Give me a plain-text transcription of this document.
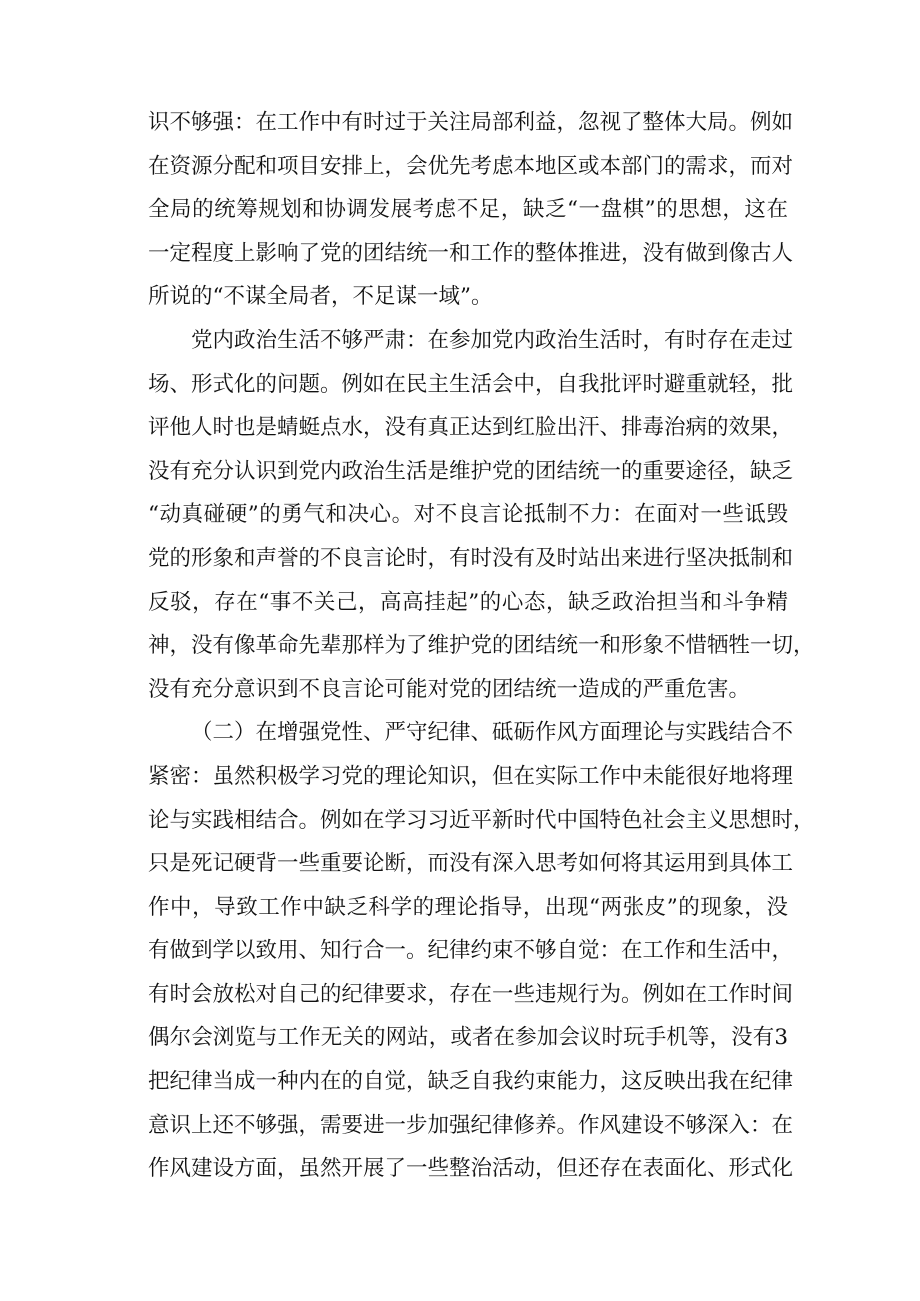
识不够强：在工作中有时过于关注局部利益，忽视了整体大局。例如
在资源分配和项目安排上，会优先考虑本地区或本部门的需求，而对
全局的统筹规划和协调发展考虑不足，缺乏“一盘棋”的思想，这在
一定程度上影响了党的团结统一和工作的整体推进，没有做到像古人
所说的“不谋全局者，不足谋一域”。
党内政治生活不够严肃：在参加党内政治生活时，有时存在走过
场、形式化的问题。例如在民主生活会中，自我批评时避重就轻，批
评他人时也是蜻蜓点水，没有真正达到红脸出汗、排毒治病的效果，
没有充分认识到党内政治生活是维护党的团结统一的重要途径，缺乏
“动真碰硬”的勇气和决心。对不良言论抵制不力：在面对一些诋毁
党的形象和声誉的不良言论时，有时没有及时站出来进行坚决抵制和
反驳，存在“事不关己，高高挂起”的心态，缺乏政治担当和斗争精
神，没有像革命先辈那样为了维护党的团结统一和形象不惜牺牲一切，
没有充分意识到不良言论可能对党的团结统一造成的严重危害。
（二）在增强党性、严守纪律、砥砺作风方面理论与实践结合不
紧密：虽然积极学习党的理论知识，但在实际工作中未能很好地将理
论与实践相结合。例如在学习习近平新时代中国特色社会主义思想时，
只是死记硬背一些重要论断，而没有深入思考如何将其运用到具体工
作中，导致工作中缺乏科学的理论指导，出现“两张皮”的现象，没
有做到学以致用、知行合一。纪律约束不够自觉：在工作和生活中，
有时会放松对自己的纪律要求，存在一些违规行为。例如在工作时间
偶尔会浏览与工作无关的网站，或者在参加会议时玩手机等，没有3
把纪律当成一种内在的自觉，缺乏自我约束能力，这反映出我在纪律
意识上还不够强，需要进一步加强纪律修养。作风建设不够深入：在
作风建设方面，虽然开展了一些整治活动，但还存在表面化、形式化
